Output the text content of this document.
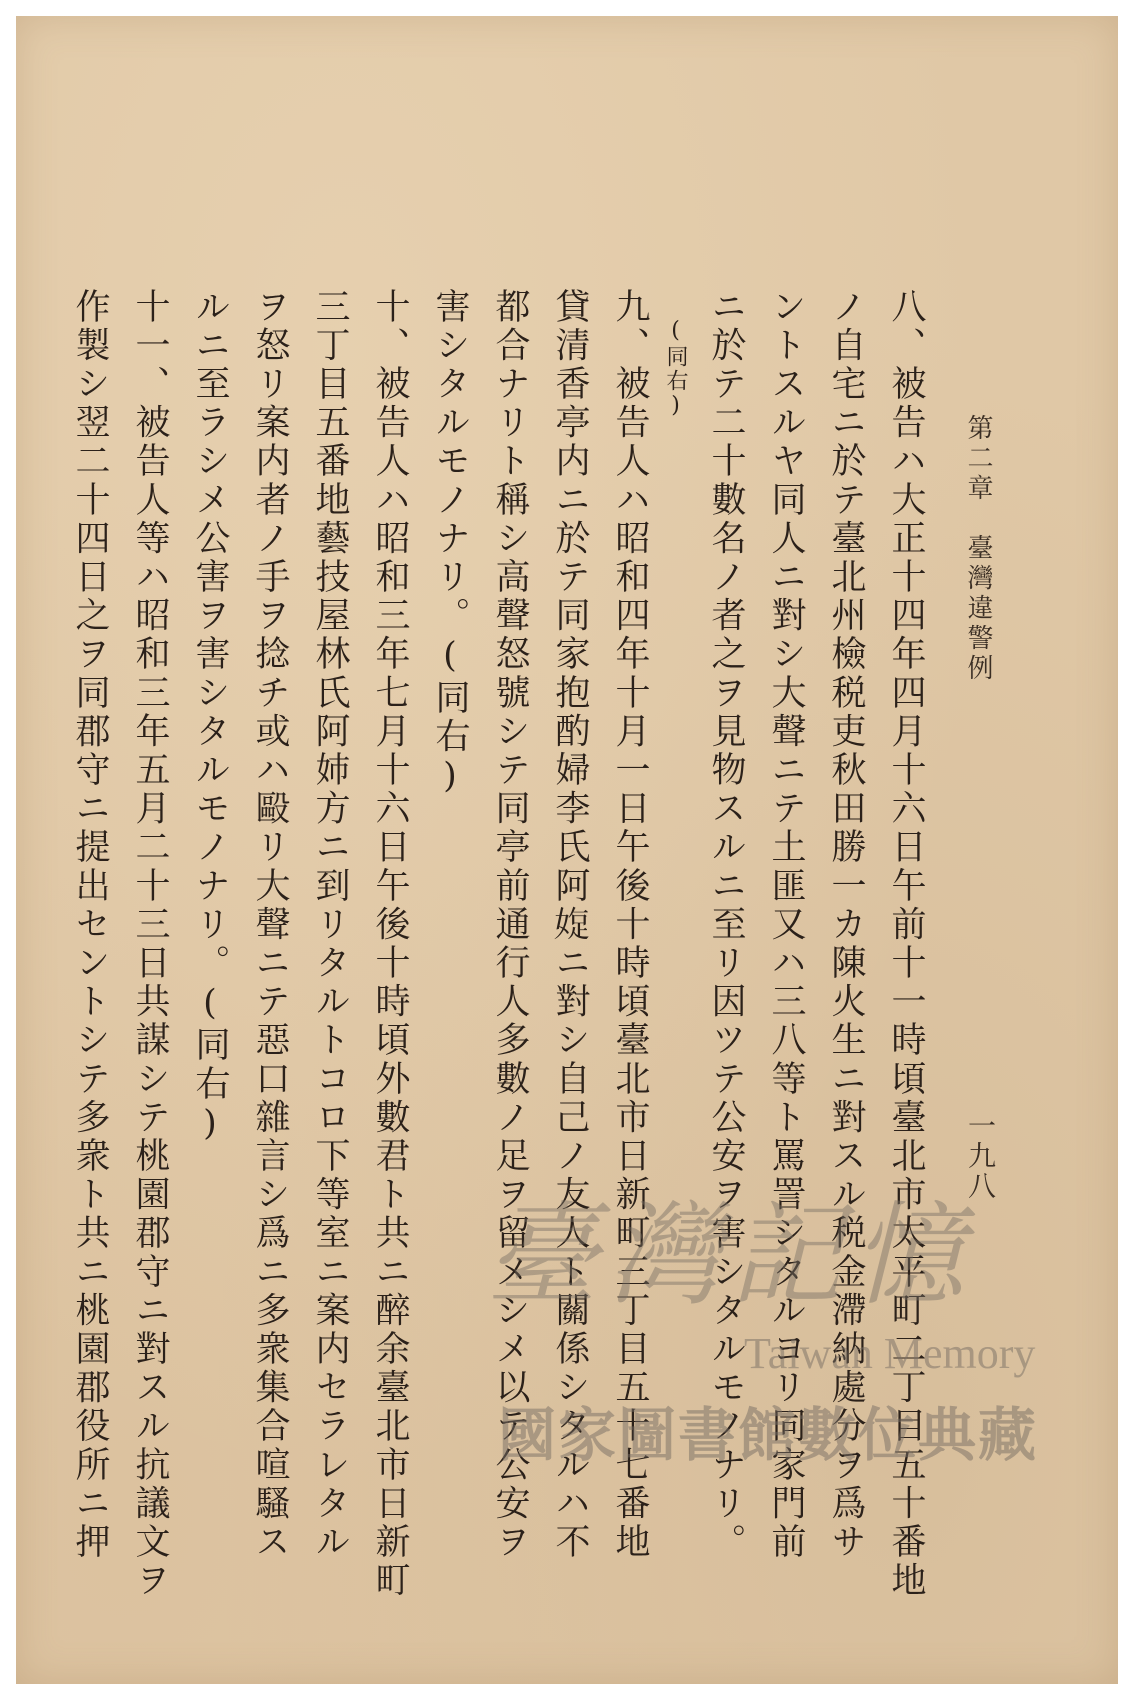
一九八
第二章　臺灣違警例
八、被告ハ大正十四年四月十六日午前十一時頃臺北市太平町二丁目五十番地
ノ自宅ニ於テ臺北州檢税吏秋田勝一カ陳火生ニ對スル税金滯納處分ヲ爲サ
ントスルヤ同人ニ對シ大聲ニテ土匪又ハ三八等ト罵詈シタルヨリ同家門前
ニ於テ二十數名ノ者之ヲ見物スルニ至リ因ツテ公安ヲ害シタルモノナリ。
(同右)
九、被告人ハ昭和四年十月一日午後十時頃臺北市日新町三丁目五十七番地
貸清香亭内ニ於テ同家抱酌婦李氏阿𡟐ニ對シ自己ノ友人ト關係シタルハ不
都合ナリト稱シ高聲怒號シテ同亭前通行人多數ノ足ヲ留メシメ以テ公安ヲ
害シタルモノナリ。(同右)
十、被告人ハ昭和三年七月十六日午後十時頃外數君ト共ニ醉余臺北市日新町
三丁目五番地藝技屋林氏阿姉方ニ到リタルトコロ下等室ニ案内セラレタル
ヲ怒リ案内者ノ手ヲ捻チ或ハ毆リ大聲ニテ惡口雜言シ爲ニ多衆集合喧騷ス
ルニ至ラシメ公害ヲ害シタルモノナリ。(同右)
十一、被告人等ハ昭和三年五月二十三日共謀シテ桃園郡守ニ對スル抗議文ヲ
作製シ翌二十四日之ヲ同郡守ニ提出セントシテ多衆ト共ニ桃園郡役所ニ押	臺灣記憶
Taiwan Memory
國家圖書館數位典藏
